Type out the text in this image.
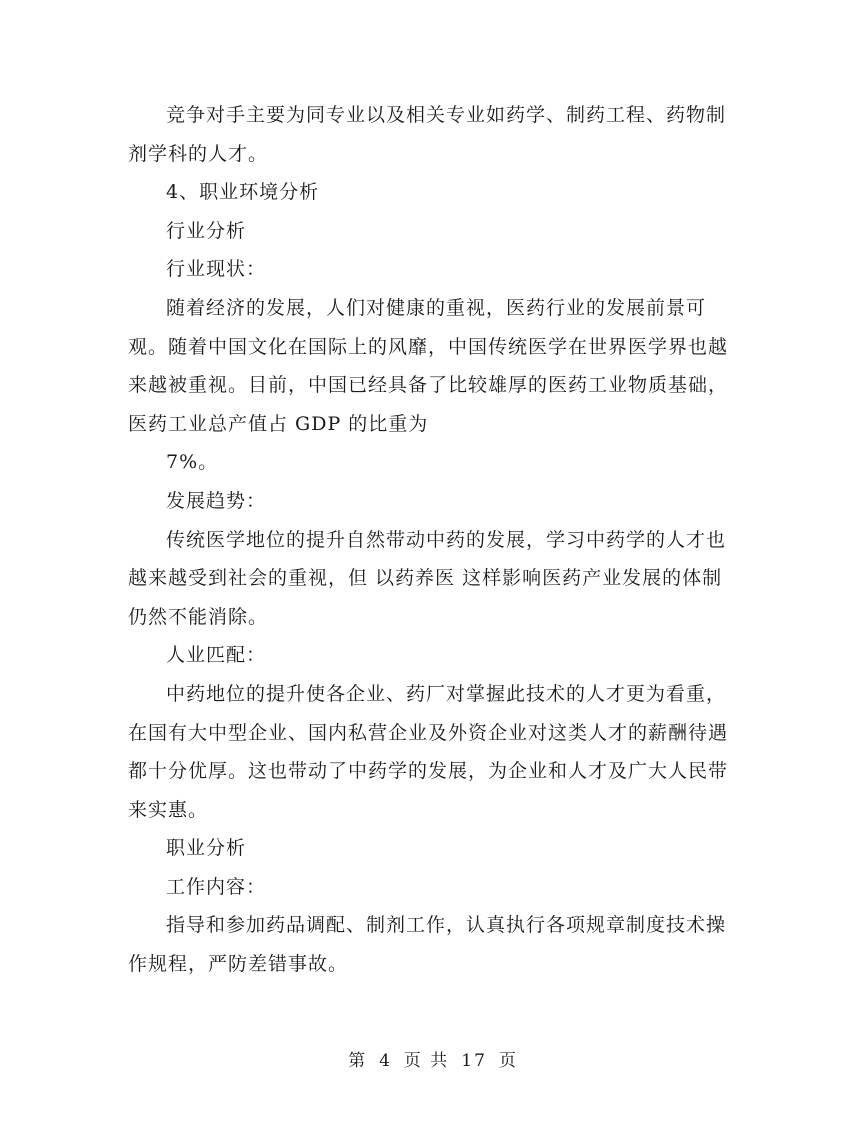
竞争对手主要为同专业以及相关专业如药学、制药工程、药物制
剂学科的人才。

4、职业环境分析

行业分析

行业现状：

随着经济的发展，人们对健康的重视，医药行业的发展前景可
观。随着中国文化在国际上的风靡，中国传统医学在世界医学界也越
来越被重视。目前，中国已经具备了比较雄厚的医药工业物质基础，
医药工业总产值占 GDP 的比重为

7%。

发展趋势：

传统医学地位的提升自然带动中药的发展，学习中药学的人才也
越来越受到社会的重视，但 以药养医 这样影响医药产业发展的体制
仍然不能消除。

人业匹配：

中药地位的提升使各企业、药厂对掌握此技术的人才更为看重，
在国有大中型企业、国内私营企业及外资企业对这类人才的薪酬待遇
都十分优厚。这也带动了中药学的发展，为企业和人才及广大人民带
来实惠。

职业分析

工作内容：

指导和参加药品调配、制剂工作，认真执行各项规章制度技术操
作规程，严防差错事故。

第 4 页 共 17 页
